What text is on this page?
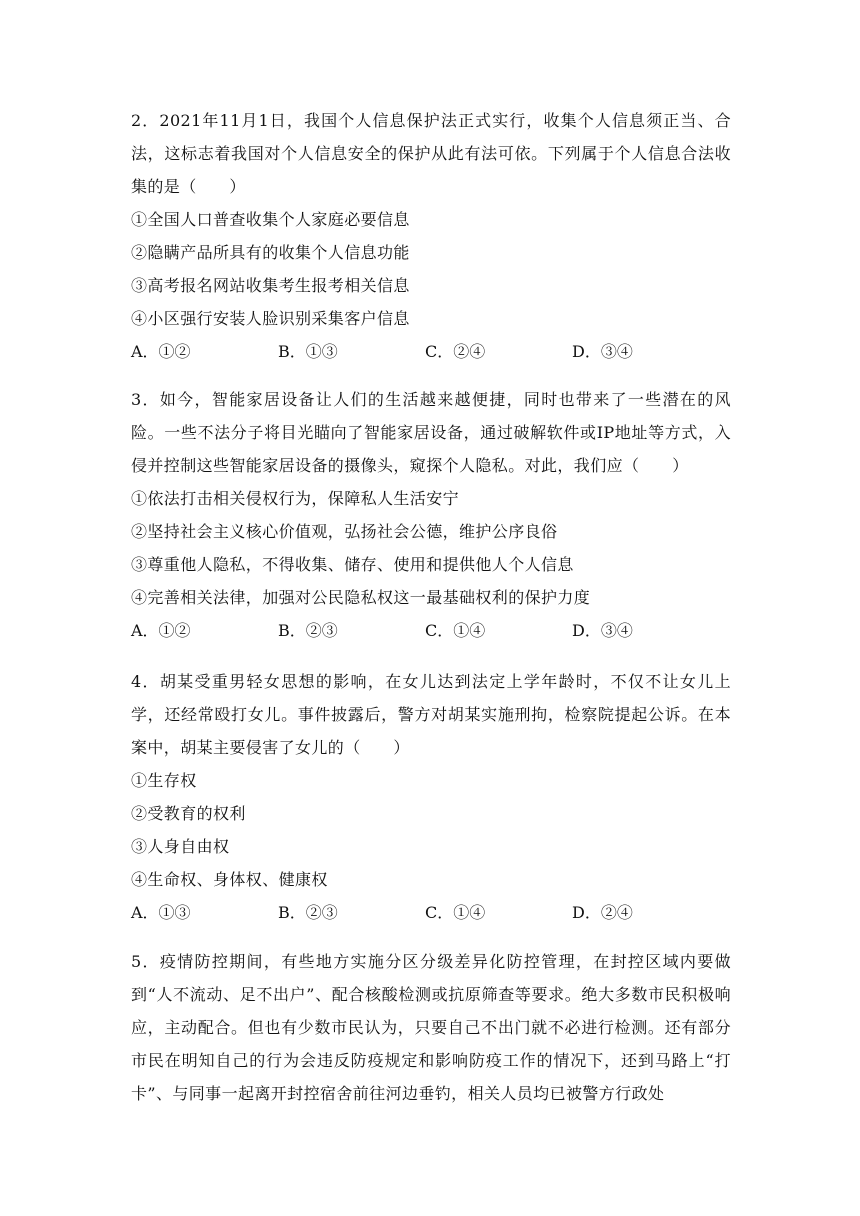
2．2021年11月1日，我国个人信息保护法正式实行，收集个人信息须正当、合法，这标志着我国对个人信息安全的保护从此有法可依。下列属于个人信息合法收集的是（　　）
①全国人口普查收集个人家庭必要信息
②隐瞒产品所具有的收集个人信息功能
③高考报名网站收集考生报考相关信息
④小区强行安装人脸识别采集客户信息
A．①②	B．①③	C．②④	D．③④
3．如今，智能家居设备让人们的生活越来越便捷，同时也带来了一些潜在的风险。一些不法分子将目光瞄向了智能家居设备，通过破解软件或IP地址等方式，入侵并控制这些智能家居设备的摄像头，窥探个人隐私。对此，我们应（　　）
①依法打击相关侵权行为，保障私人生活安宁
②坚持社会主义核心价值观，弘扬社会公德，维护公序良俗
③尊重他人隐私，不得收集、储存、使用和提供他人个人信息
④完善相关法律，加强对公民隐私权这一最基础权利的保护力度
A．①②	B．②③	C．①④	D．③④
4．胡某受重男轻女思想的影响，在女儿达到法定上学年龄时，不仅不让女儿上学，还经常殴打女儿。事件披露后，警方对胡某实施刑拘，检察院提起公诉。在本案中，胡某主要侵害了女儿的（　　）
①生存权
②受教育的权利
③人身自由权
④生命权、身体权、健康权
A．①③	B．②③	C．①④	D．②④
5．疫情防控期间，有些地方实施分区分级差异化防控管理，在封控区域内要做到“人不流动、足不出户”、配合核酸检测或抗原筛查等要求。绝大多数市民积极响应，主动配合。但也有少数市民认为，只要自己不出门就不必进行检测。还有部分市民在明知自己的行为会违反防疫规定和影响防疫工作的情况下，还到马路上“打卡”、与同事一起离开封控宿舍前往河边垂钓，相关人员均已被警方行政处
